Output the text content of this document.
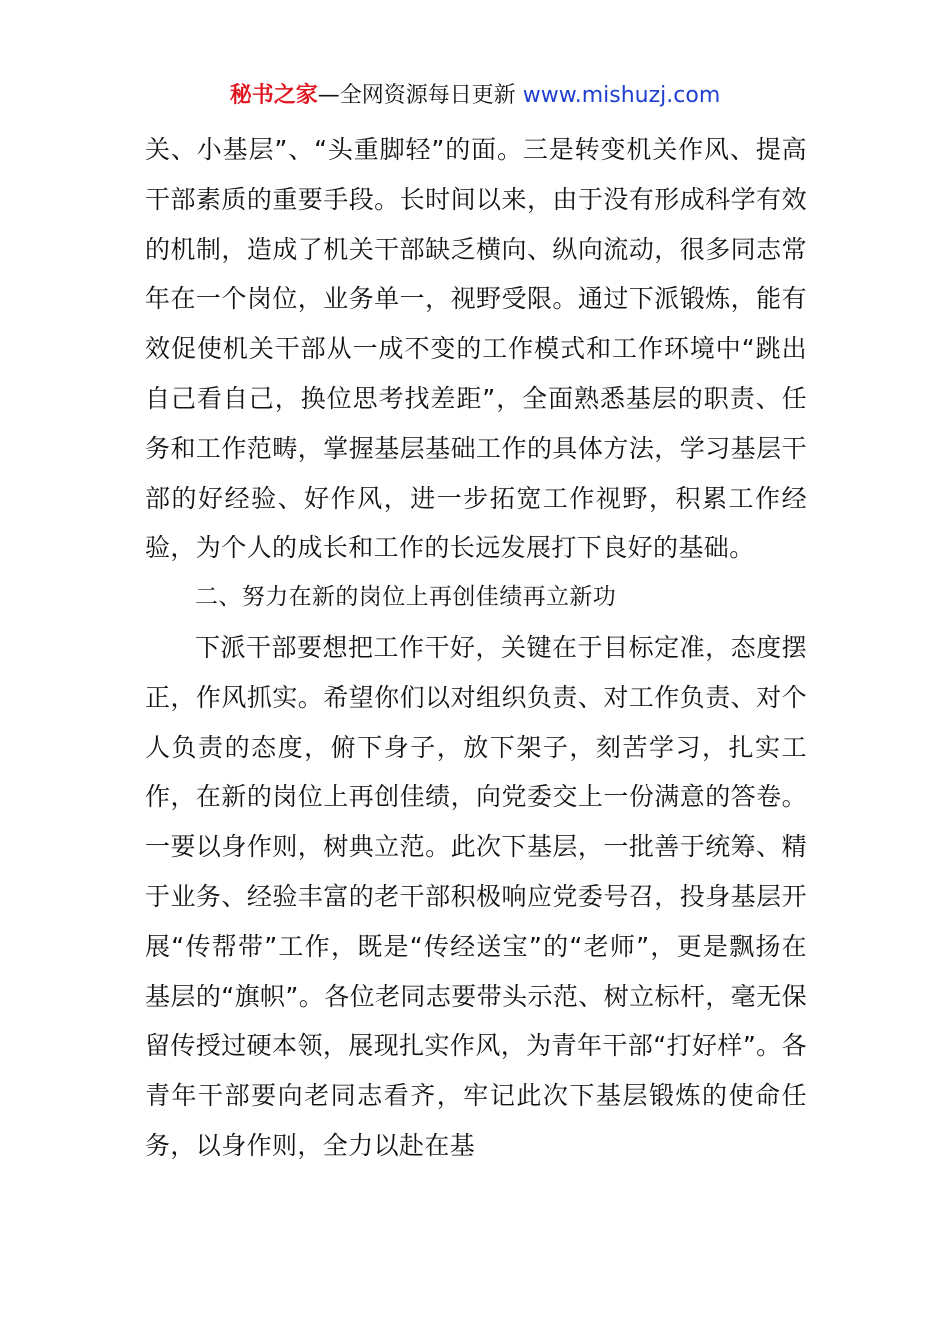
秘书之家—全网资源每日更新 www.mishuzj.com

关、小基层”、“头重脚轻”的面。三是转变机关作风、提高干部素质的重要手段。长时间以来，由于没有形成科学有效的机制，造成了机关干部缺乏横向、纵向流动，很多同志常年在一个岗位，业务单一，视野受限。通过下派锻炼，能有效促使机关干部从一成不变的工作模式和工作环境中“跳出自己看自己，换位思考找差距”，全面熟悉基层的职责、任务和工作范畴，掌握基层基础工作的具体方法，学习基层干部的好经验、好作风，进一步拓宽工作视野，积累工作经验，为个人的成长和工作的长远发展打下良好的基础。

二、努力在新的岗位上再创佳绩再立新功

下派干部要想把工作干好，关键在于目标定准，态度摆正，作风抓实。希望你们以对组织负责、对工作负责、对个人负责的态度，俯下身子，放下架子，刻苦学习，扎实工作，在新的岗位上再创佳绩，向党委交上一份满意的答卷。一要以身作则，树典立范。此次下基层，一批善于统筹、精于业务、经验丰富的老干部积极响应党委号召，投身基层开展“传帮带”工作，既是“传经送宝”的“老师”，更是飘扬在基层的“旗帜”。各位老同志要带头示范、树立标杆，毫无保留传授过硬本领，展现扎实作风，为青年干部“打好样”。各青年干部要向老同志看齐，牢记此次下基层锻炼的使命任务，以身作则，全力以赴在基
